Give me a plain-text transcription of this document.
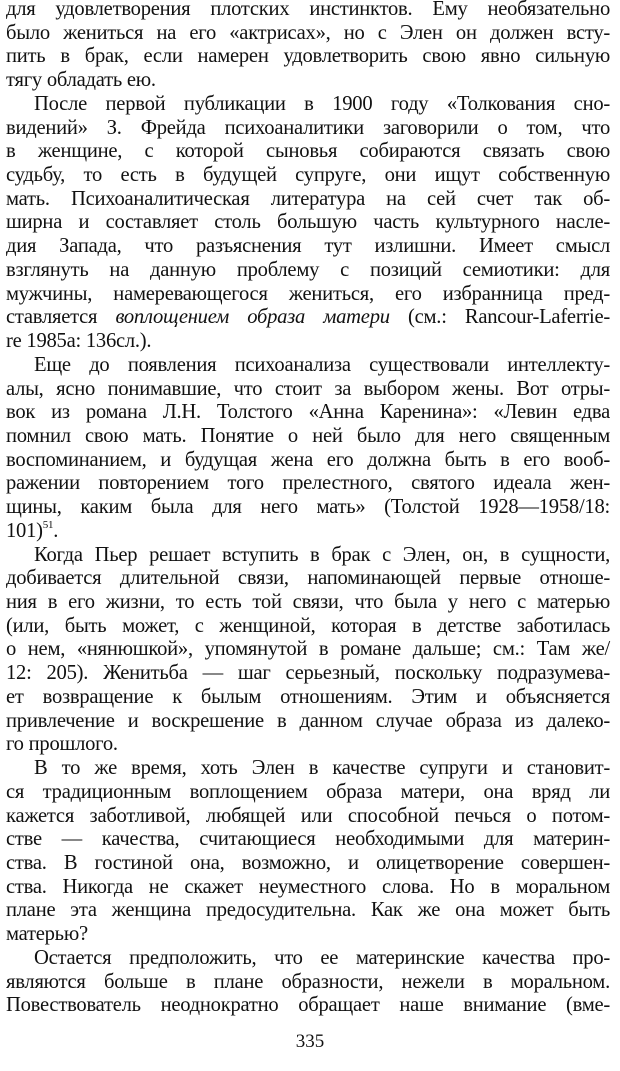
для удовлетворения плотских инстинктов. Ему необязательно
было жениться на его «актрисах», но с Элен он должен всту-
пить в брак, если намерен удовлетворить свою явно сильную
тягу обладать ею.
После первой публикации в 1900 году «Толкования сно-
видений» З. Фрейда психоаналитики заговорили о том, что
в женщине, с которой сыновья собираются связать свою
судьбу, то есть в будущей супруге, они ищут собственную
мать. Психоаналитическая литература на сей счет так об-
ширна и составляет столь большую часть культурного насле-
дия Запада, что разъяснения тут излишни. Имеет смысл
взглянуть на данную проблему с позиций семиотики: для
мужчины, намеревающегося жениться, его избранница пред-
ставляется воплощением образа матери (см.: Rancour-Laferrie-
re 1985a: 136сл.).
Еще до появления психоанализа существовали интеллекту-
алы, ясно понимавшие, что стоит за выбором жены. Вот отры-
вок из романа Л.Н. Толстого «Анна Каренина»: «Левин едва
помнил свою мать. Понятие о ней было для него священным
воспоминанием, и будущая жена его должна быть в его вооб-
ражении повторением того прелестного, святого идеала жен-
щины, каким была для него мать» (Толстой 1928—1958/18:
101)$^{51}$.
Когда Пьер решает вступить в брак с Элен, он, в сущности,
добивается длительной связи, напоминающей первые отноше-
ния в его жизни, то есть той связи, что была у него с матерью
(или, быть может, с женщиной, которая в детстве заботилась
о нем, «нянюшкой», упомянутой в романе дальше; см.: Там же/
12: 205). Женитьба — шаг серьезный, поскольку подразумева-
ет возвращение к былым отношениям. Этим и объясняется
привлечение и воскрешение в данном случае образа из далеко-
го прошлого.
В то же время, хоть Элен в качестве супруги и становит-
ся традиционным воплощением образа матери, она вряд ли
кажется заботливой, любящей или способной печься о потом-
стве — качества, считающиеся необходимыми для материн-
ства. В гостиной она, возможно, и олицетворение совершен-
ства. Никогда не скажет неуместного слова. Но в моральном
плане эта женщина предосудительна. Как же она может быть
матерью?
Остается предположить, что ее материнские качества про-
являются больше в плане образности, нежели в моральном.
Повествователь неоднократно обращает наше внимание (вме-
335
